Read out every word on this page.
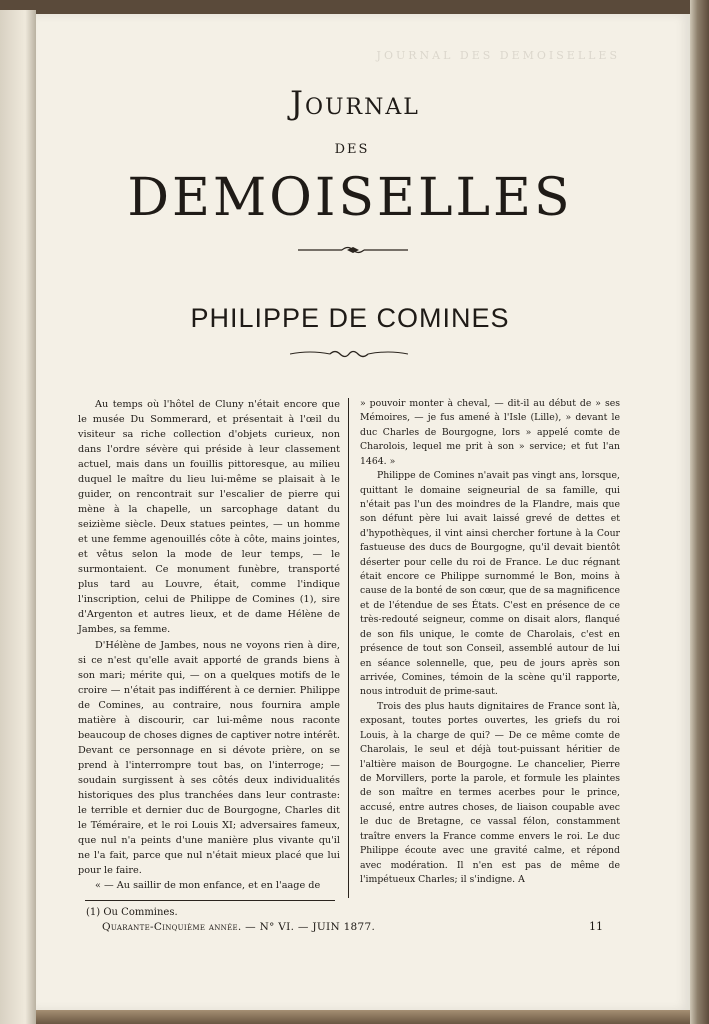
JOURNAL DES DEMOISELLES
Journal
DES
DEMOISELLES
PHILIPPE DE COMINES

Au temps où l'hôtel de Cluny n'était encore que le musée Du Sommerard, et présentait à l'œil du visiteur sa riche collection d'objets curieux, non dans l'ordre sévère qui préside à leur classement actuel, mais dans un fouillis pittoresque, au milieu duquel le maître du lieu lui-même se plaisait à le guider, on rencontrait sur l'escalier de pierre qui mène à la chapelle, un sarcophage datant du seizième siècle. Deux statues peintes, — un homme et une femme agenouillés côte à côte, mains jointes, et vêtus selon la mode de leur temps, — le surmontaient. Ce monument funèbre, transporté plus tard au Louvre, était, comme l'indique l'inscription, celui de Philippe de Comines (1), sire d'Argenton et autres lieux, et de dame Hélène de Jambes, sa femme.

D'Hélène de Jambes, nous ne voyons rien à dire, si ce n'est qu'elle avait apporté de grands biens à son mari; mérite qui, — on a quelques motifs de le croire — n'était pas indifférent à ce dernier. Philippe de Comines, au contraire, nous fournira ample matière à discourir, car lui-même nous raconte beaucoup de choses dignes de captiver notre intérêt. Devant ce personnage en si dévote prière, on se prend à l'interrompre tout bas, on l'interroge; — soudain surgissent à ses côtés deux individualités historiques des plus tranchées dans leur contraste: le terrible et dernier duc de Bourgogne, Charles dit le Téméraire, et le roi Louis XI; adversaires fameux, que nul n'a peints d'une manière plus vivante qu'il ne l'a fait, parce que nul n'était mieux placé que lui pour le faire.

« — Au saillir de mon enfance, et en l'aage de

» pouvoir monter à cheval, — dit-il au début de » ses Mémoires, — je fus amené à l'Isle (Lille), » devant le duc Charles de Bourgogne, lors » appelé comte de Charolois, lequel me prit à son » service; et fut l'an 1464. »

Philippe de Comines n'avait pas vingt ans, lorsque, quittant le domaine seigneurial de sa famille, qui n'était pas l'un des moindres de la Flandre, mais que son défunt père lui avait laissé grevé de dettes et d'hypothèques, il vint ainsi chercher fortune à la Cour fastueuse des ducs de Bourgogne, qu'il devait bientôt déserter pour celle du roi de France. Le duc régnant était encore ce Philippe surnommé le Bon, moins à cause de la bonté de son cœur, que de sa magnificence et de l'étendue de ses États. C'est en présence de ce très-redouté seigneur, comme on disait alors, flanqué de son fils unique, le comte de Charolais, c'est en présence de tout son Conseil, assemblé autour de lui en séance solennelle, que, peu de jours après son arrivée, Comines, témoin de la scène qu'il rapporte, nous introduit de prime-saut.

Trois des plus hauts dignitaires de France sont là, exposant, toutes portes ouvertes, les griefs du roi Louis, à la charge de qui? — De ce même comte de Charolais, le seul et déjà tout-puissant héritier de l'altière maison de Bourgogne. Le chancelier, Pierre de Morvillers, porte la parole, et formule les plaintes de son maître en termes acerbes pour le prince, accusé, entre autres choses, de liaison coupable avec le duc de Bretagne, ce vassal félon, constamment traître envers la France comme envers le roi. Le duc Philippe écoute avec une gravité calme, et répond avec modération. Il n'en est pas de même de l'impétueux Charles; il s'indigne. A

(1) Ou Commines.
Quarante-Cinquième année. — N° VI. — JUIN 1877.	11
